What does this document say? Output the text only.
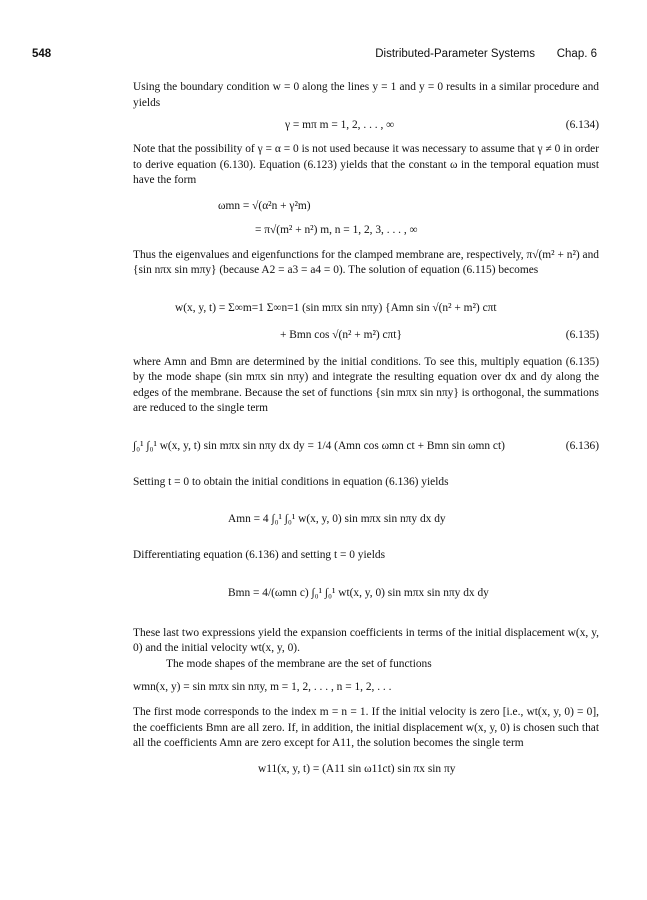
548	Distributed-Parameter Systems Chap. 6

Using the boundary condition w = 0 along the lines y = 1 and y = 0 results in a similar procedure and yields

γ = mπ m = 1, 2, . . . , ∞	(6.134)

Note that the possibility of γ = α = 0 is not used because it was necessary to assume that γ ≠ 0 in order to derive equation (6.130). Equation (6.123) yields that the constant ω in the temporal equation must have the form

ωmn = √(α²n + γ²m)
= π√(m² + n²) m, n = 1, 2, 3, . . . , ∞

Thus the eigenvalues and eigenfunctions for the clamped membrane are, respectively, π√(m² + n²) and {sin nπx sin mπy} (because A2 = a3 = a4 = 0). The solution of equation (6.115) becomes

w(x, y, t) = Σ∞m=1 Σ∞n=1 (sin mπx sin nπy) {Amn sin √(n² + m²) cπt
+ Bmn cos √(n² + m²) cπt}	(6.135)

where Amn and Bmn are determined by the initial conditions. To see this, multiply equation (6.135) by the mode shape (sin mπx sin nπy) and integrate the resulting equation over dx and dy along the edges of the membrane. Because the set of functions {sin mπx sin nπy} is orthogonal, the summations are reduced to the single term

∫₀¹ ∫₀¹ w(x, y, t) sin mπx sin nπy dx dy = 1/4 (Amn cos ωmn ct + Bmn sin ωmn ct)	(6.136)

Setting t = 0 to obtain the initial conditions in equation (6.136) yields

Amn = 4 ∫₀¹ ∫₀¹ w(x, y, 0) sin mπx sin nπy dx dy

Differentiating equation (6.136) and setting t = 0 yields

Bmn = 4/(ωmn c) ∫₀¹ ∫₀¹ wt(x, y, 0) sin mπx sin nπy dx dy

These last two expressions yield the expansion coefficients in terms of the initial displacement w(x, y, 0) and the initial velocity wt(x, y, 0).

The mode shapes of the membrane are the set of functions

wmn(x, y) = sin mπx sin nπy, m = 1, 2, . . . , n = 1, 2, . . .

The first mode corresponds to the index m = n = 1. If the initial velocity is zero [i.e., wt(x, y, 0) = 0], the coefficients Bmn are all zero. If, in addition, the initial displacement w(x, y, 0) is chosen such that all the coefficients Amn are zero except for A11, the solution becomes the single term

w11(x, y, t) = (A11 sin ω11ct) sin πx sin πy
